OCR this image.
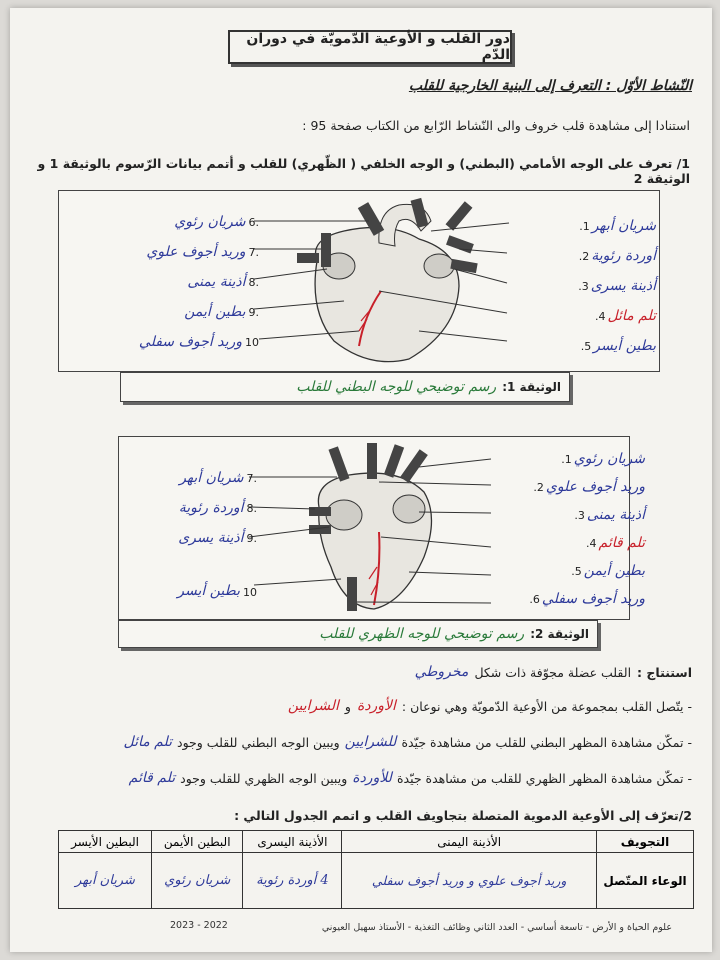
دور القلب و الأوعية الدّمويّة في دوران الدّم
النّشاط الأوّل : التعرف إلى البنية الخارجية للقلب
استنادا إلى مشاهدة قلب خروف والى النّشاط الرّابع من الكتاب صفحة 95 :
1/ تعرف على الوجه الأمامي (البطني) و الوجه الخلفي ( الظّهري) للقلب و أتمم بيانات الرّسوم بالوثيقة 1 و الوثيقة 2
1. شريان أبهر
2. أوردة رئوية
3. أذينة يسرى
4. تلم مائل
5. بطين أيسر
شريان رئوي 6.
وريد أجوف علوي 7.
أذينة يمنى 8.
بطين أيمن 9.
وريد أجوف سفلي 10
الوثيقة 1:
رسم توضيحي للوجه البطني للقلب
شريان أبهر 7.
أوردة رئوية 8.
أذينة يسرى 9.
بطين أيسر 10
1. شريان رئوي
2. وريد أجوف علوي
3. أذينة يمنى
4. تلم قائم
5. بطين أيمن
6. وريد أجوف سفلي
الوثيقة 2:
رسم توضيحي للوجه الظهري للقلب
استنتاج :
القلب عضلة مجوّفة ذات شكل
مخروطي
- يتّصل القلب بمجموعة من الأوعية الدّمويّة وهي نوعان :
الأوردة
و
الشرايين
- تمكّن مشاهدة المظهر البطني للقلب من مشاهدة جيّدة
للشرايين
ويبين الوجه البطني للقلب وجود
تلم مائل
- تمكّن مشاهدة المظهر الظهري للقلب من مشاهدة جيّدة
للأوردة
ويبين الوجه الظهري للقلب وجود
تلم قائم
2/تعرّف إلى الأوعية الدموية المتصلة بتجاويف القلب و اتمم الجدول التالي :
التجويف	الأذينة اليمنى	الأذينة اليسرى	البطين الأيمن	البطين الأيسر
الوعاء المتّصل	وريد أجوف علوي و وريد أجوف سفلي	4 أوردة رئوية	شريان رئوي	شريان أبهر
علوم الحياة و الأرض - تاسعة أساسي - العدد الثاني وظائف التغذية - الأستاذ سهيل العيوني
2023 - 2022
